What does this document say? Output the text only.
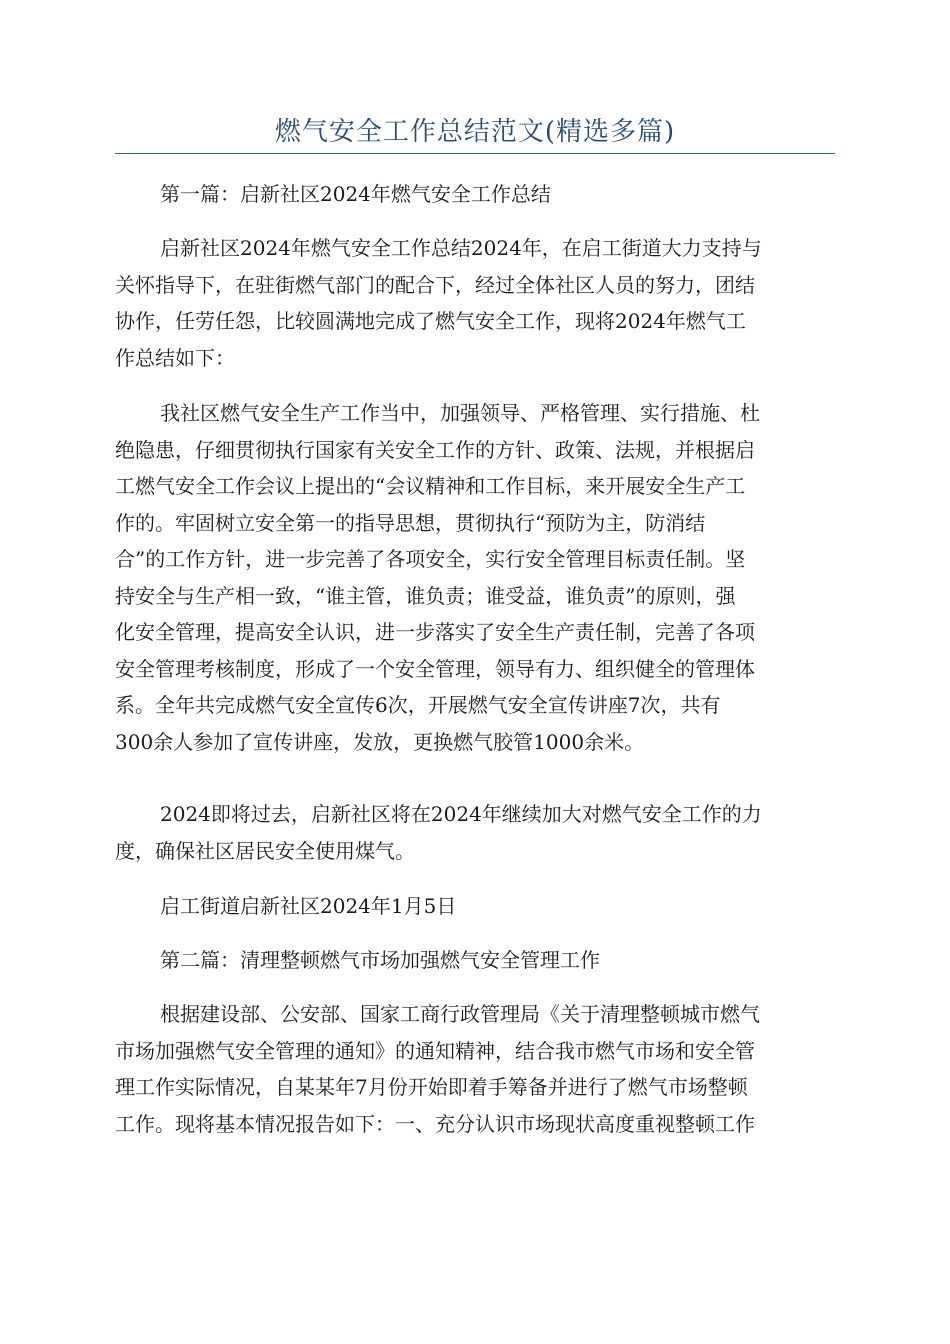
燃气安全工作总结范文(精选多篇)
第一篇：启新社区2024年燃气安全工作总结
启新社区2024年燃气安全工作总结2024年，在启工街道大力支持与
关怀指导下，在驻街燃气部门的配合下，经过全体社区人员的努力，团结
协作，任劳任怨，比较圆满地完成了燃气安全工作，现将2024年燃气工
作总结如下：
我社区燃气安全生产工作当中，加强领导、严格管理、实行措施、杜
绝隐患，仔细贯彻执行国家有关安全工作的方针、政策、法规，并根据启
工燃气安全工作会议上提出的“会议精神和工作目标，来开展安全生产工
作的。牢固树立安全第一的指导思想，贯彻执行“预防为主，防消结
合”的工作方针，进一步完善了各项安全，实行安全管理目标责任制。坚
持安全与生产相一致，“谁主管，谁负责；谁受益，谁负责”的原则，强
化安全管理，提高安全认识，进一步落实了安全生产责任制，完善了各项
安全管理考核制度，形成了一个安全管理，领导有力、组织健全的管理体
系。全年共完成燃气安全宣传6次，开展燃气安全宣传讲座7次，共有
300余人参加了宣传讲座，发放，更换燃气胶管1000余米。
2024即将过去，启新社区将在2024年继续加大对燃气安全工作的力
度，确保社区居民安全使用煤气。
启工街道启新社区2024年1月5日
第二篇：清理整顿燃气市场加强燃气安全管理工作
根据建设部、公安部、国家工商行政管理局《关于清理整顿城市燃气
市场加强燃气安全管理的通知》的通知精神，结合我市燃气市场和安全管
理工作实际情况，自某某年7月份开始即着手筹备并进行了燃气市场整顿
工作。现将基本情况报告如下：一、充分认识市场现状高度重视整顿工作
